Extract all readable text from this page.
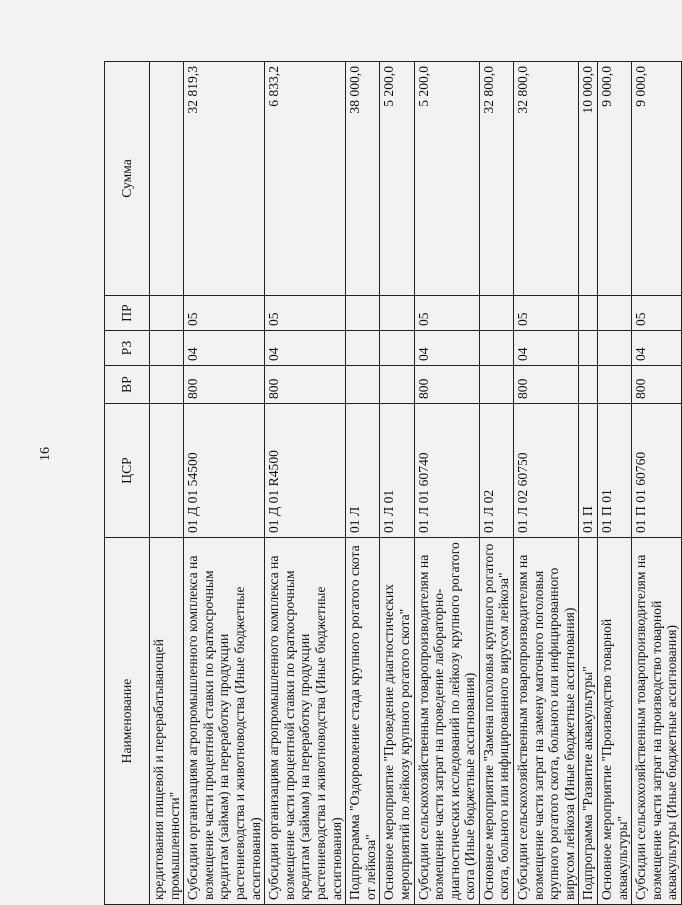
16
Наименование	ЦСР	ВР	РЗ	ПР	Сумма
кредитования пищевой и перерабатывающей промышленности"					
Субсидии организациям агропромышленного комплекса на возмещение части процентной ставки по краткосрочным кредитам (займам) на переработку продукции растениеводства и животноводства (Иные бюджетные ассигнования)	01 Д 01 54500	800	04	05	32 819,3
Субсидии организациям агропромышленного комплекса на возмещение части процентной ставки по краткосрочным кредитам (займам) на переработку продукции растениеводства и животноводства (Иные бюджетные ассигнования)	01 Д 01 R4500	800	04	05	6 833,2
Подпрограмма "Оздоровление стада крупного рогатого скота от лейкоза"	01 Л				38 000,0
Основное мероприятие "Проведение диагностических мероприятий по лейкозу крупного рогатого скота"	01 Л 01				5 200,0
Субсидии сельскохозяйственным товаропроизводителям на возмещение части затрат на проведение лабораторно-диагностических исследований по лейкозу крупного рогатого скота (Иные бюджетные ассигнования)	01 Л 01 60740	800	04	05	5 200,0
Основное мероприятие "Замена поголовья крупного рогатого скота, больного или инфицированного вирусом лейкоза"	01 Л 02				32 800,0
Субсидии сельскохозяйственным товаропроизводителям на возмещение части затрат на замену маточного поголовья крупного рогатого скота, больного или инфицированного вирусом лейкоза (Иные бюджетные ассигнования)	01 Л 02 60750	800	04	05	32 800,0
Подпрограмма "Развитие аквакультуры"	01 П				10 000,0
Основное мероприятие "Производство товарной аквакультуры"	01 П 01				9 000,0
Субсидии сельскохозяйственным товаропроизводителям на возмещение части затрат на производство товарной аквакультуры (Иные бюджетные ассигнования)	01 П 01 60760	800	04	05	9 000,0
